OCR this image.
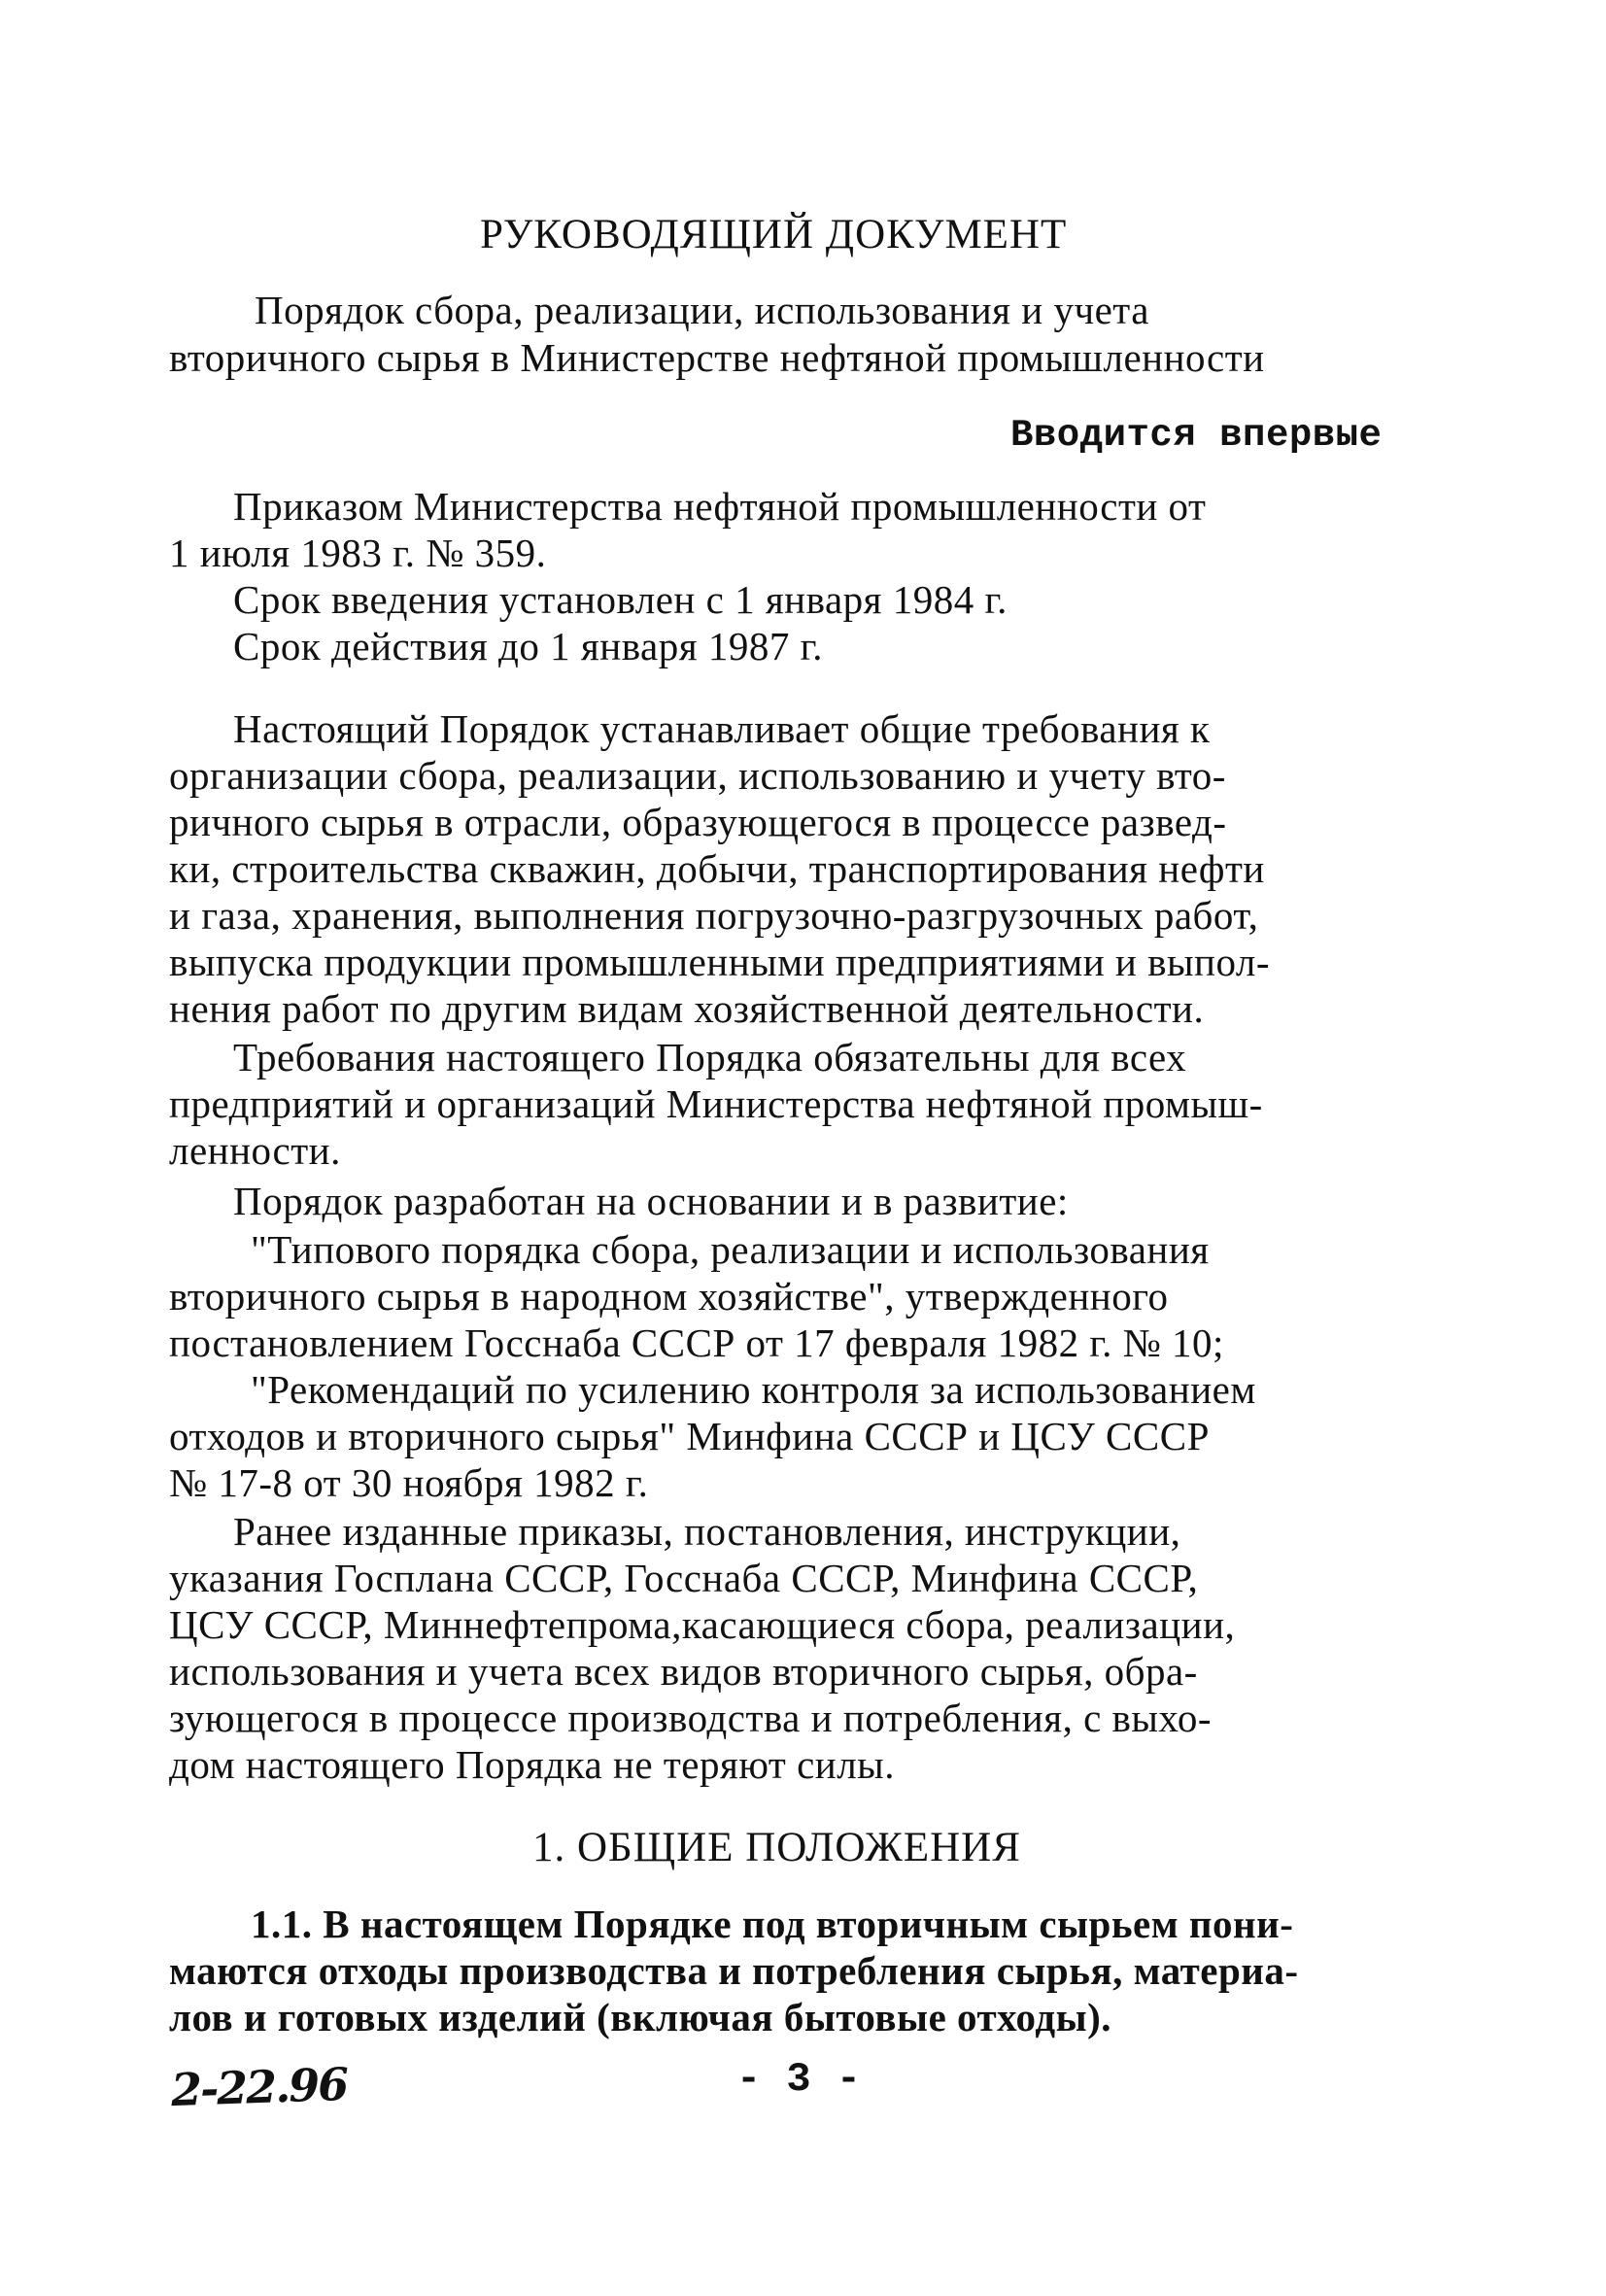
РУКОВОДЯЩИЙ ДОКУМЕНТ
Порядок сбора, реализации, использования и учета
вторичного сырья в Министерстве нефтяной промышленности
Вводится впервые
Приказом Министерства нефтяной промышленности от
1 июля 1983 г. № 359.
Срок введения установлен с 1 января 1984 г.
Срок действия до 1 января 1987 г.
Настоящий Порядок устанавливает общие требования к
организации сбора, реализации, использованию и учету вто-
ричного сырья в отрасли, образующегося в процессе развед-
ки, строительства скважин, добычи, транспортирования нефти
и газа, хранения, выполнения погрузочно-разгрузочных работ,
выпуска продукции промышленными предприятиями и выпол-
нения работ по другим видам хозяйственной деятельности.
Требования настоящего Порядка обязательны для всех
предприятий и организаций Министерства нефтяной промыш-
ленности.
Порядок разработан на основании и в развитие:
"Типового порядка сбора, реализации и использования
вторичного сырья в народном хозяйстве", утвержденного
постановлением Госснаба СССР от 17 февраля 1982 г. № 10;
"Рекомендаций по усилению контроля за использованием
отходов и вторичного сырья" Минфина СССР и ЦСУ СССР
№ 17-8 от 30 ноября 1982 г.
Ранее изданные приказы, постановления, инструкции,
указания Госплана СССР, Госснаба СССР, Минфина СССР,
ЦСУ СССР, Миннефтепрома,касающиеся сбора, реализации,
использования и учета всех видов вторичного сырья, обра-
зующегося в процессе производства и потребления, с выхо-
дом настоящего Порядка не теряют силы.
1. ОБЩИЕ ПОЛОЖЕНИЯ
1.1. В настоящем Порядке под вторичным сырьем пони-
маются отходы производства и потребления сырья, материа-
лов и готовых изделий (включая бытовые отходы).
2-22.96	- 3 -
